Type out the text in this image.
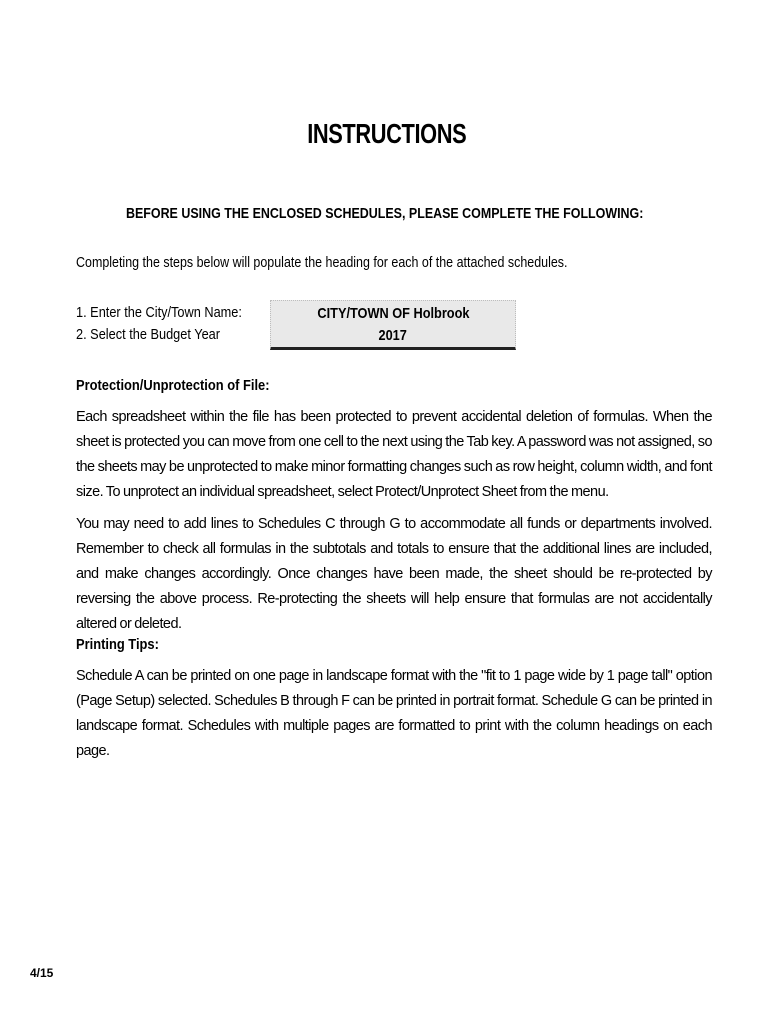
INSTRUCTIONS
BEFORE USING THE ENCLOSED SCHEDULES, PLEASE COMPLETE THE FOLLOWING:
Completing the steps below will populate the heading for each of the attached schedules.
1. Enter the City/Town Name:
2. Select the Budget Year
CITY/TOWN OF Holbrook
2017
Protection/Unprotection of File:
Each spreadsheet within the file has been protected to prevent accidental deletion of formulas. When the sheet is protected you can move from one cell to the next using the Tab key. A password was not assigned, so the sheets may be unprotected to make minor formatting changes such as row height, column width, and font size. To unprotect an individual spreadsheet, select Protect/Unprotect Sheet from the menu.
You may need to add lines to Schedules C through G to accommodate all funds or departments involved. Remember to check all formulas in the subtotals and totals to ensure that the additional lines are included, and make changes accordingly. Once changes have been made, the sheet should be re-protected by reversing the above process. Re-protecting the sheets will help ensure that formulas are not accidentally altered or deleted.
Printing Tips:
Schedule A can be printed on one page in landscape format with the "fit to 1 page wide by 1 page tall" option (Page Setup) selected. Schedules B through F can be printed in portrait format. Schedule G can be printed in landscape format. Schedules with multiple pages are formatted to print with the column headings on each page.
4/15
